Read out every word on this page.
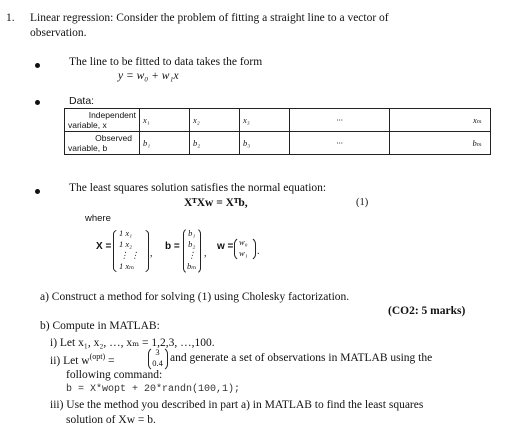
1. Linear regression: Consider the problem of fitting a straight line to a vector of
observation.
The line to be fitted to data takes the form
y = w₀ + w₁x
Data:
Independent
variable, x	x₁	x₂	x₃	···	xₘ

Observed
variable, b	b₁	b₂	b₃	···	bₘ
The least squares solution satisfies the normal equation:
XᵀXw = Xᵀb,	(1)
where
X =
1 x₁
1 x₂
⋮ ⋮
1 xₘ
,
b =
b₁
b₂
⋮
bₘ
,
w = w₀
w₁ .
a) Construct a method for solving (1) using Cholesky factorization.
(CO2: 5 marks)
b) Compute in MATLAB:
i) Let x₁, x₂, …, xₘ = 1,2,3, …,100.
ii) Let $w^{(opt)}$ =
3
0.4 and generate a set of observations in MATLAB using the
following command:
b = X*wopt + 20*randn(100,1);
iii) Use the method you described in part a) in MATLAB to find the least squares
solution of Xw = b.
